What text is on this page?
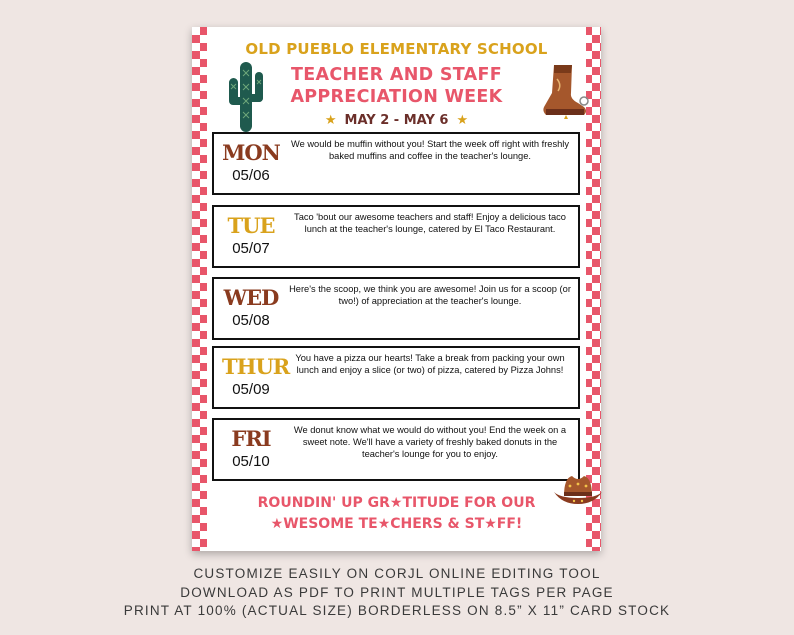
OLD PUEBLO ELEMENTARY SCHOOL
TEACHER AND STAFF
APPRECIATION WEEK
★ MAY 2 - MAY 6 ★
MON
05/06
We would be muffin without you! Start the week off right with freshly baked muffins and coffee in the teacher's lounge.
TUE
05/07
Taco 'bout our awesome teachers and staff! Enjoy a delicious taco lunch at the teacher's lounge, catered by El Taco Restaurant.
WED
05/08
Here's the scoop, we think you are awesome! Join us for a scoop (or two!) of appreciation at the teacher's lounge.
THUR
05/09
You have a pizza our hearts! Take a break from packing your own lunch and enjoy a slice (or two) of pizza, catered by Pizza Johns!
FRI
05/10
We donut know what we would do without you! End the week on a sweet note. We'll have a variety of freshly baked donuts in the teacher's lounge for you to enjoy.
ROUNDIN' UP GR★TITUDE FOR OUR
★WESOME TE★CHERS & ST★FF!
CUSTOMIZE EASILY ON CORJL ONLINE EDITING TOOL
DOWNLOAD AS PDF TO PRINT MULTIPLE TAGS PER PAGE
PRINT AT 100% (ACTUAL SIZE) BORDERLESS ON 8.5” X 11” CARD STOCK
